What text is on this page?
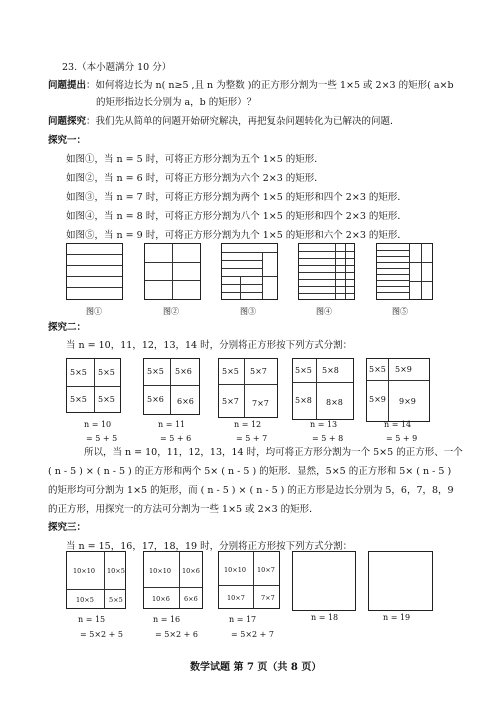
23.（本小题满分 10 分）
问题提出：如何将边长为 n( n≥5 ,且 n 为整数 )的正方形分割为一些 1×5 或 2×3 的矩形( a×b
的矩形指边长分别为 a，b 的矩形）？
问题探究：我们先从简单的问题开始研究解决，再把复杂问题转化为已解决的问题．
探究一：
如图①，当 n = 5 时，可将正方形分割为五个 1×5 的矩形．
如图②，当 n = 6 时，可将正方形分割为六个 2×3 的矩形．
如图③，当 n = 7 时，可将正方形分割为两个 1×5 的矩形和四个 2×3 的矩形．
如图④，当 n = 8 时，可将正方形分割为八个 1×5 的矩形和四个 2×3 的矩形．
如图⑤，当 n = 9 时，可将正方形分割为九个 1×5 的矩形和六个 2×3 的矩形．
图①	图②	图③	图④	图⑤
探究二：
当 n = 10，11，12，13，14 时，分别将正方形按下列方式分割：
5×5 5×5
5×5 5×5
5×5 5×6
5×6 6×6
5×5 5×7
5×7 7×7
5×5 5×8
5×8 8×8
5×5 5×9
5×9 9×9
n = 10	n = 11	n = 12	n = 13	n = 14
= 5 + 5	= 5 + 6	= 5 + 7	= 5 + 8	= 5 + 9
所以，当 n = 10，11，12，13，14 时，均可将正方形分割为一个 5×5 的正方形、一个
( n - 5 ) × ( n - 5 ) 的正方形和两个 5× ( n - 5 ) 的矩形．显然，5×5 的正方形和 5× ( n - 5 )
的矩形均可分割为 1×5 的矩形，而 ( n - 5 ) × ( n - 5 ) 的正方形是边长分别为 5，6，7，8，9
的正方形，用探究一的方法可分割为一些 1×5 或 2×3 的矩形．
探究三：
当 n = 15，16，17，18，19 时，分别将正方形按下列方式分割：
10×10 10×5
10×5 5×5
10×10 10×6
10×6 6×6
10×10 10×7
10×7 7×7
n = 15	n = 16	n = 17	n = 18	n = 19
= 5×2 + 5	= 5×2 + 6	= 5×2 + 7
数学试题 第 7 页（共 8 页）
